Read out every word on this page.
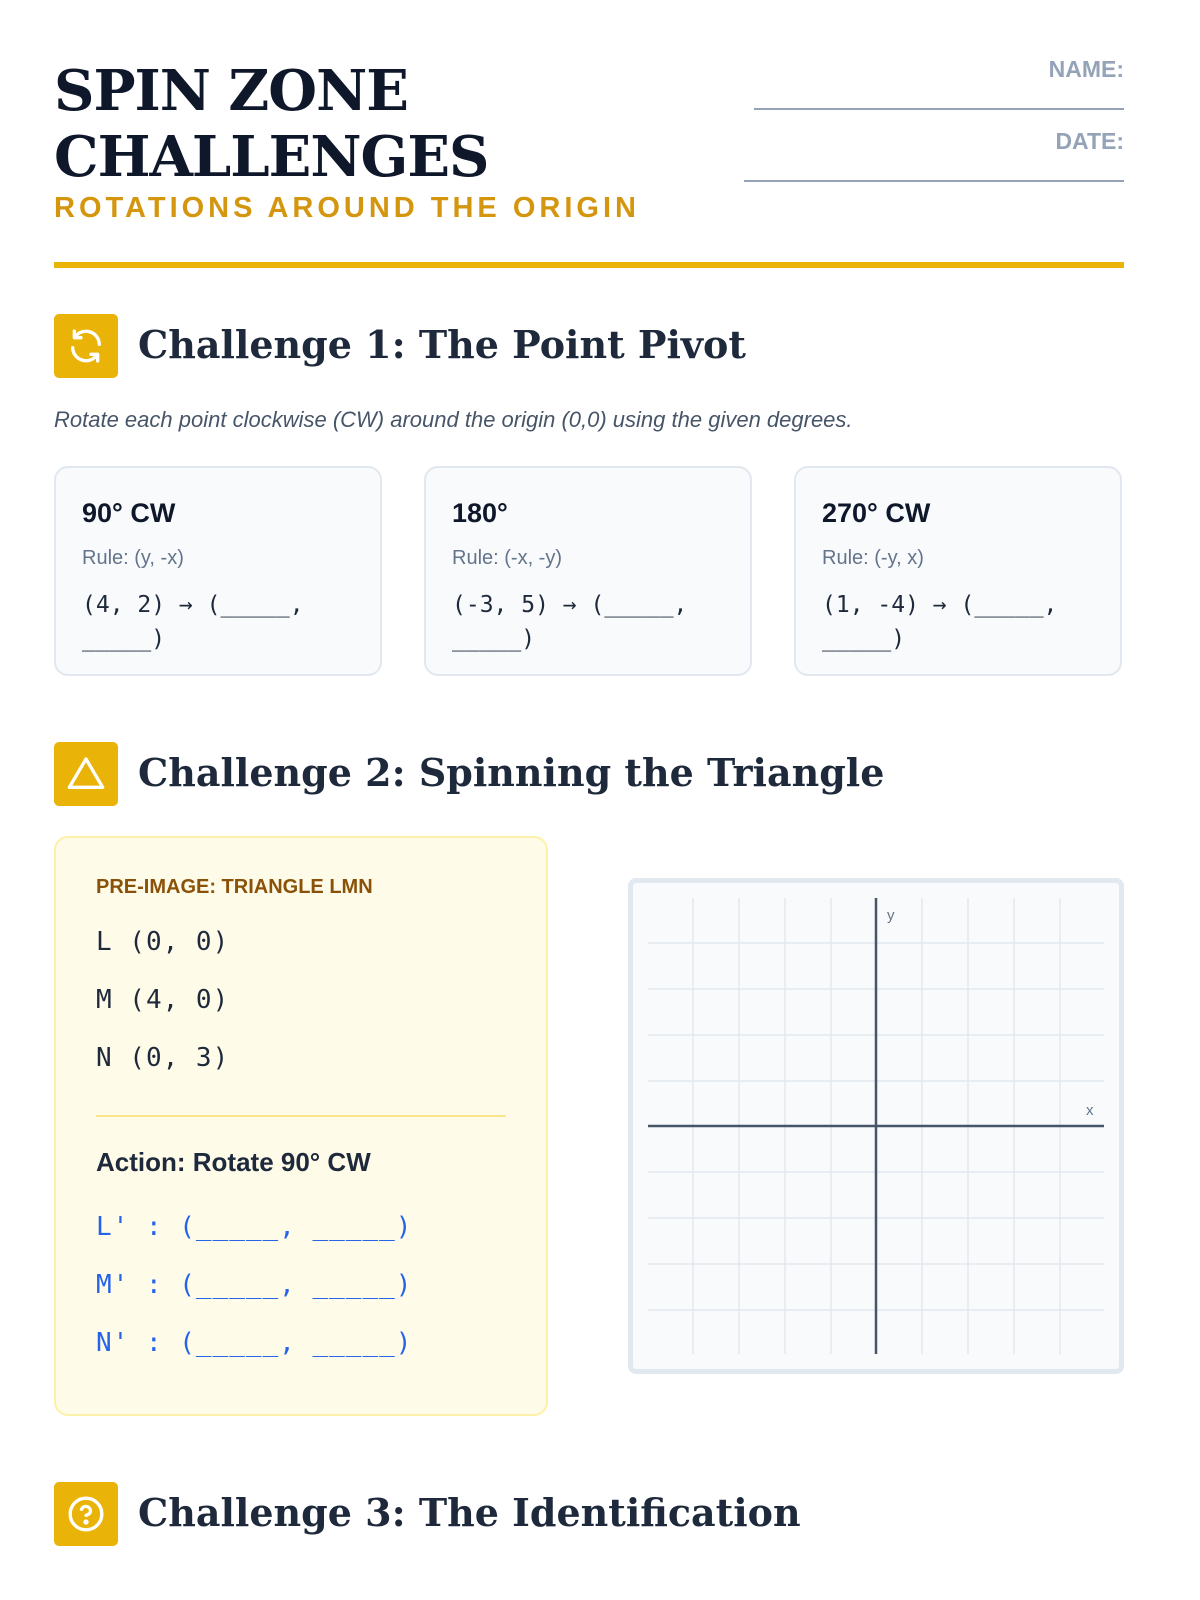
SPIN ZONE CHALLENGES
ROTATIONS AROUND THE ORIGIN
NAME:
DATE:
Challenge 1: The Point Pivot
Rotate each point clockwise (CW) around the origin (0,0) using the given degrees.
90° CW
Rule: (y, -x)
(4, 2) → (_____, _____)
180°
Rule: (-x, -y)
(-3, 5) → (_____, _____)
270° CW
Rule: (-y, x)
(1, -4) → (_____, _____)
Challenge 2: Spinning the Triangle
PRE-IMAGE: TRIANGLE LMN
L (0, 0)
M (4, 0)
N (0, 3)
Action: Rotate 90° CW
L' : (_____, _____)
M' : (_____, _____)
N' : (_____, _____)
x
y
Challenge 3: The Identification
